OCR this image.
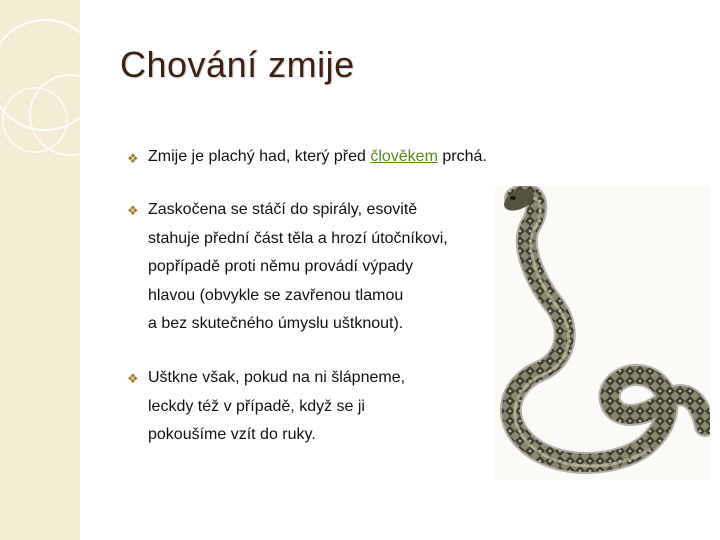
Chování zmije
❖ Zmije je plachý had, který před člověkem prchá.
❖ Zaskočena se stáčí do spirály, esovitě
stahuje přední část těla a hrozí útočníkovi,
popřípadě proti němu provádí výpady
hlavou (obvykle se zavřenou tlamou
a bez skutečného úmyslu uštknout).
❖ Uštkne však, pokud na ni šlápneme,
leckdy též v případě, když se ji
pokoušíme vzít do ruky.
